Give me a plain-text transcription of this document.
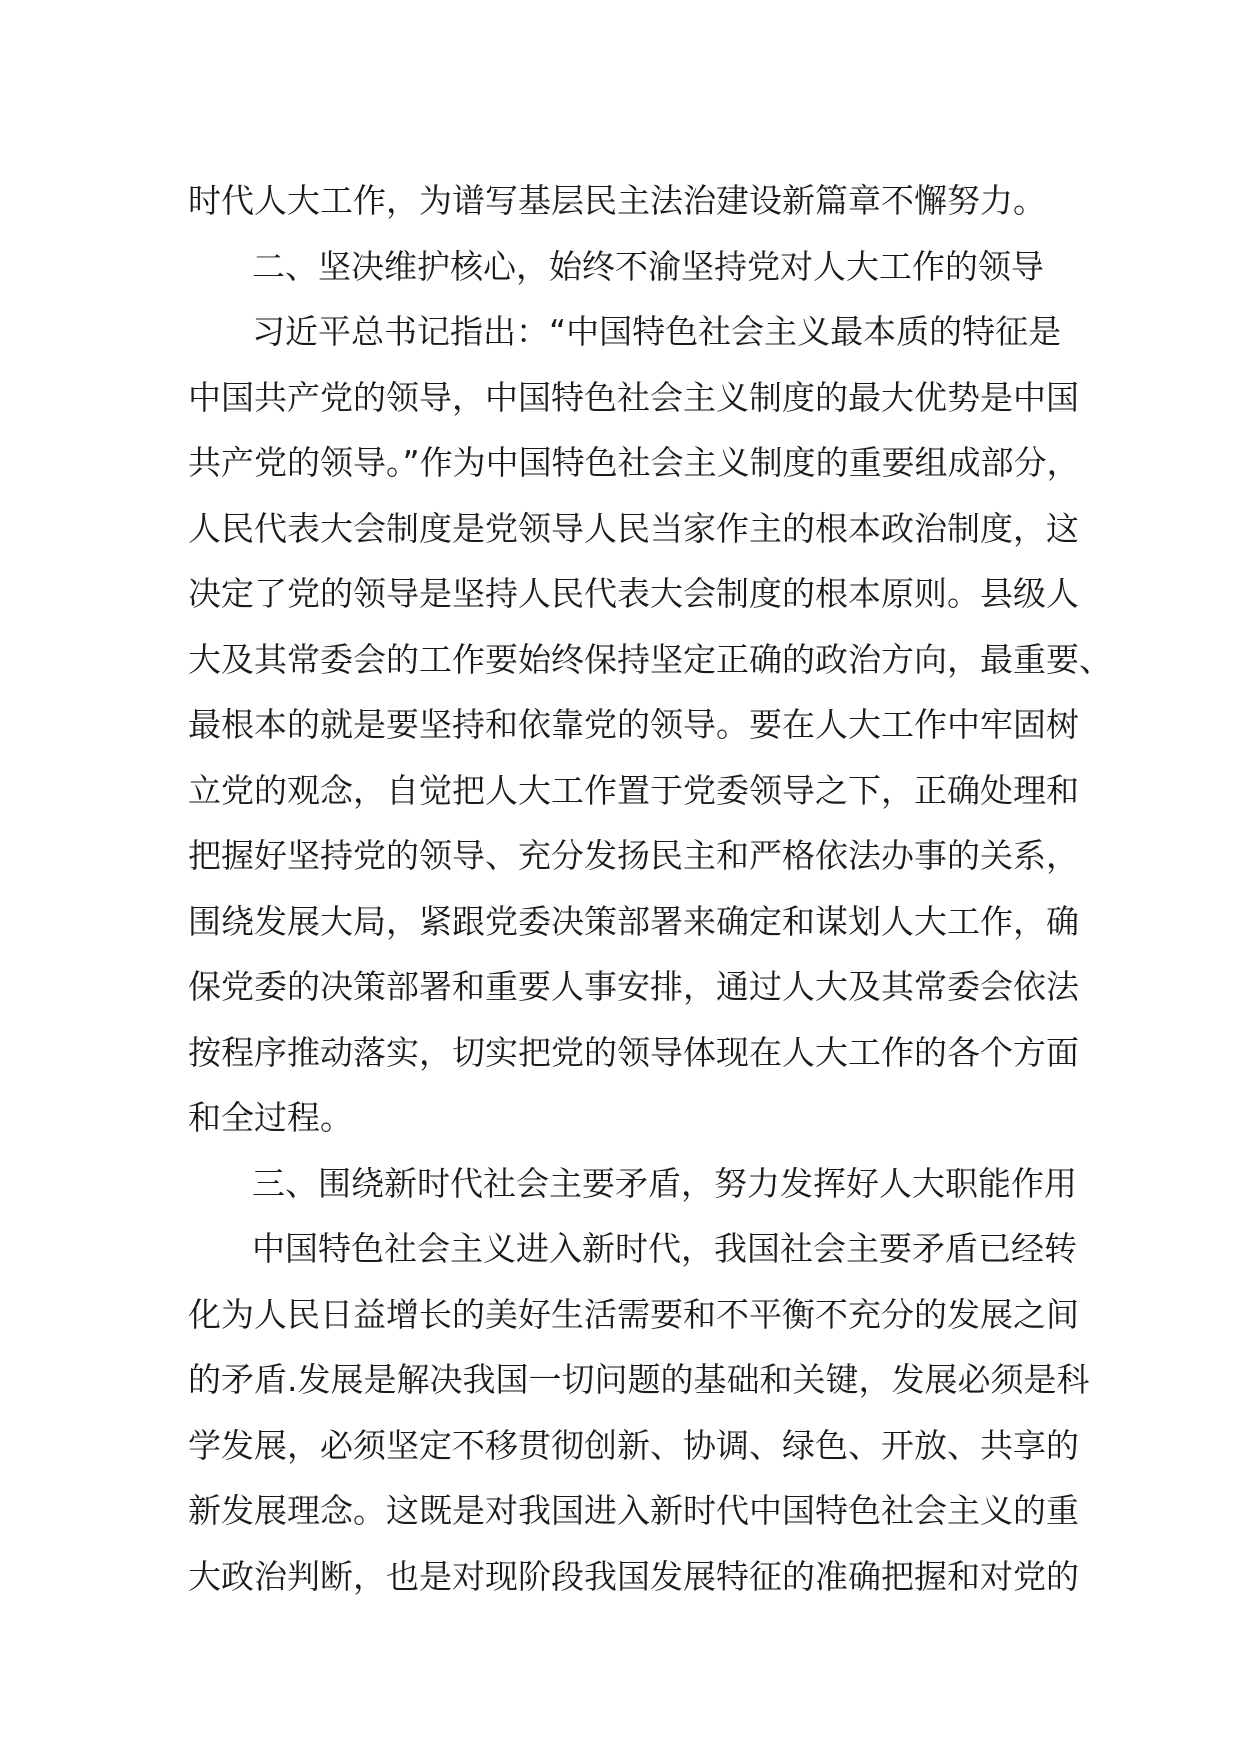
时代人大工作，为谱写基层民主法治建设新篇章不懈努力。
二、坚决维护核心，始终不渝坚持党对人大工作的领导
习近平总书记指出：“中国特色社会主义最本质的特征是
中国共产党的领导，中国特色社会主义制度的最大优势是中国
共产党的领导。”作为中国特色社会主义制度的重要组成部分，
人民代表大会制度是党领导人民当家作主的根本政治制度，这
决定了党的领导是坚持人民代表大会制度的根本原则。县级人
大及其常委会的工作要始终保持坚定正确的政治方向，最重要、
最根本的就是要坚持和依靠党的领导。要在人大工作中牢固树
立党的观念，自觉把人大工作置于党委领导之下，正确处理和
把握好坚持党的领导、充分发扬民主和严格依法办事的关系，
围绕发展大局，紧跟党委决策部署来确定和谋划人大工作，确
保党委的决策部署和重要人事安排，通过人大及其常委会依法
按程序推动落实，切实把党的领导体现在人大工作的各个方面
和全过程。
三、围绕新时代社会主要矛盾，努力发挥好人大职能作用
中国特色社会主义进入新时代，我国社会主要矛盾已经转
化为人民日益增长的美好生活需要和不平衡不充分的发展之间
的矛盾.发展是解决我国一切问题的基础和关键，发展必须是科
学发展，必须坚定不移贯彻创新、协调、绿色、开放、共享的
新发展理念。这既是对我国进入新时代中国特色社会主义的重
大政治判断，也是对现阶段我国发展特征的准确把握和对党的
